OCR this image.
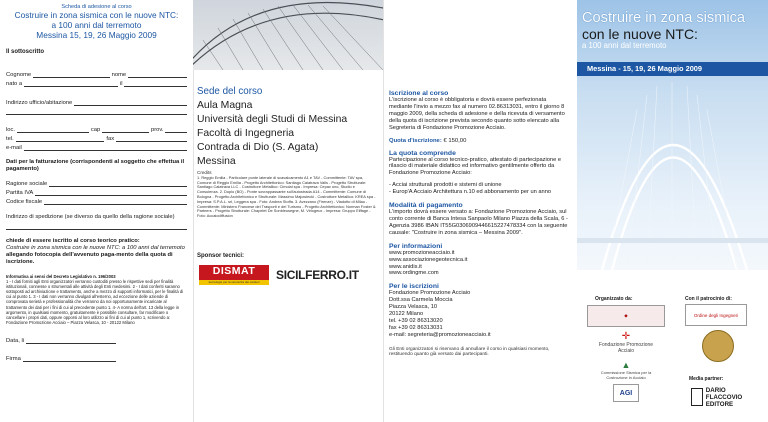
Scheda di adesione al corso
Costruire in zona sismica con le nuove NTC:
a 100 anni dal terremoto
Messina 15, 19, 26 Maggio 2009
Il sottoscritto
Cognome	nome
nato a	il
Indirizzo ufficio/abitazione
loc.	cap	prov.
tel.	fax
e-mail
Dati per la fatturazione (corrispondenti al soggetto che effettua il pagamento)
Ragione sociale
Partita IVA
Codice fiscale
Indirizzo di spedizione (se diverso da quello della ragione sociale)
chiede di essere iscritto al corso teorico pratico:
Costruire in zona sismica con le nuove NTC: a 100 anni dal terremoto allegando fotocopia dell'avvenuto paga-mento della quota di iscrizione.
Informativa ai sensi del Decreto Legislativo n. 196/2003
1 - I dati forniti agli Enti organizzatori verranno custoditi presso le rispettive sedi per finalità istituzionali, connesse o strumentali alle attività degli Enti medesimi. 2 - I dati conferiti saranno sottoposti ad archiviazione e trattamento, anche a mezzo di supporti informatici, per le finalità di cui al punto 1. 3 - I dati non verranno divulgati all'esterno, ad eccezione delle aziende di comprovata serietà e professionalità che verranno da noi opportunamente incaricate al trattamento dei dati per i fini di cui al precedente punto 1. 4- A norma dell'art. 13 della legge in argomento, in qualsiasi momento, gratuitamente è possibile consultare, far modificare o cancellare i propri dati, oppure opporsi al loro utilizzo ai fini di cui al punto 1, scrivendo a: Fondazione Promozione Acciaio – Piazza Velasca, 10 - 20122 Milano
Data, li
Firma
Sede del corso
Aula Magna
Università degli Studi di Messina
Facoltà di Ingegneria
Contrada di Dio (S. Agata)
Messina
Credits
1. Reggio Emilia - Particolare ponte laterale di scavalcamento A1 e TAV - Committente: TAV spa, Comune di Reggio Emilia - Progetto Architettonico: Santiago Calatrava Valls - Progetto Strutturale: Santiago Calatrava LLC - Costruttore Metallico: Cimolai spa - Impresa: Cepav uno, Studio e Consulenza. 2. Duplo (BO) - Ponte sovrappassante sull'autostrada A14 - Committente: Comune di Bologna - Progetto Architettonico e Strutturale: Massimo Majowiecki - Costruttore Metallico: KREA spa - Impresa: S.P.A.L. srl, Leggera spa - Foto: Andrea Stoffa. 3. Avezzano (Firenze) - Viadotto di Milau - Committente: Ministero Francese dei Trasporti e del Turismo - Progetto Architettonico: Norman Foster & Partners - Progetto Strutturale: Chapelet De Sonbleusegne, M. Virlogeux - Impresa: Gruppo Eiffage - Foto: Accaiodiffusion
Sponsor tecnici:
DISMAT
tecnologie per la sicurezza dei cantieri	SICILFERRO.IT
Iscrizione al corso
L'iscrizione al corso è obbligatoria e dovrà essere perfezionata mediante l'invio a mezzo fax al numero 02.86313031, entro il giorno 8 maggio 2009, della scheda di adesione e della ricevuta di versamento della quota di iscrizione prevista secondo quanto sotto elencato alla Segreteria di Fondazione Promozione Acciaio.
Quota d'iscrizione: € 150,00
La quota comprende
Partecipazione al corso tecnico-pratico, attestato di partecipazione e rilascio di materiale didattico ed informativo gentilmente offerto da Fondazione Promozione Acciaio:
- Acciai strutturali prodotti e sistemi di unione
- Europ'A Acciaio Architettura n.10 ed abbonamento per un anno
Modalità di pagamento
L'importo dovrà essere versato a: Fondazione Promozione Acciaio, sul conto corrente di Banca Intesa Sanpaolo Milano Piazza della Scala, 6 - Agenzia 3986 IBAN IT55G0306909446615227478334 con la seguente causale: "Costruire in zona sismica – Messina 2009".
Per informazioni
www.promozioneacciaio.it
www.associazionegeotecnica.it
www.anidis.it
www.ordingme.com
Per le iscrizioni
Fondazione Promozione Acciaio
Dott.ssa Carmela Moccia
Piazza Velasca, 10
20122 Milano
tel. +39 02 86313020
fax +39 02 86313031
e-mail: segreteria@promozioneacciaio.it
Gli Enti organizzatori si riservano di annullare il corso in qualsiasi momento, restituendo quanto già versato dai partecipanti.
Costruire in zona sismica
con le nuove NTC:
a 100 anni dal terremoto
Messina - 15, 19, 26 Maggio 2009
Organizzato da:	Con il patrocinio di:
◆	Ordine degli Ingegneri
✛
Fondazione Promozione Acciaio
▲
Commissione Sismica per la Costruzione in Acciaio	Media partner:
AGI	DARIO FLACCOVIO EDITORE
